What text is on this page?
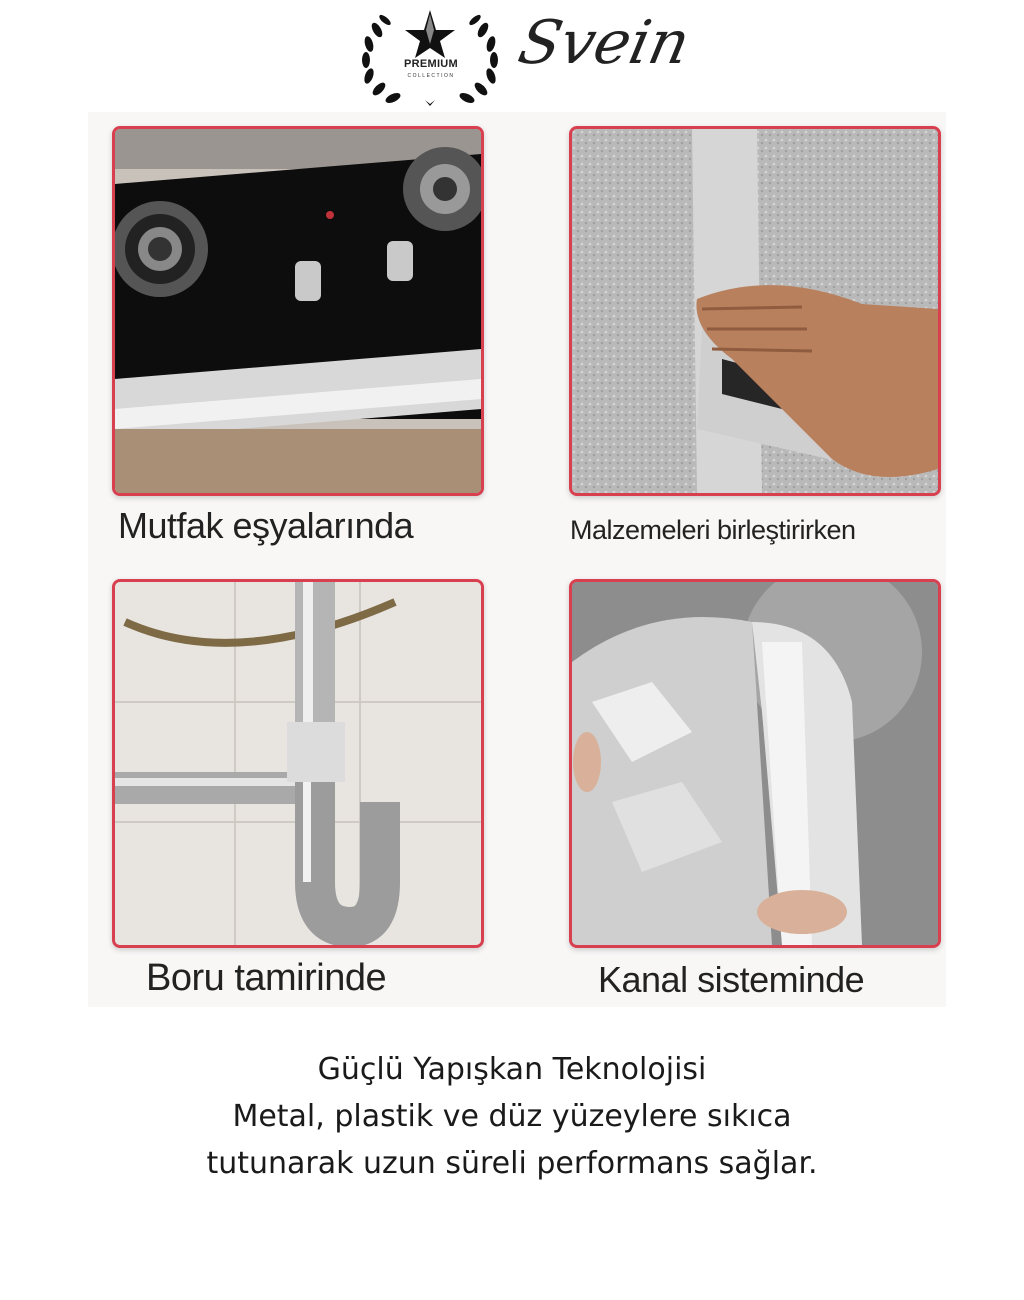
PREMIUM
COLLECTION Svein
Mutfak eşyalarında	Malzemeleri birleştirirken
Boru tamirinde	Kanal sisteminde
Güçlü Yapışkan Teknolojisi
Metal, plastik ve düz yüzeylere sıkıca
tutunarak uzun süreli performans sağlar.
